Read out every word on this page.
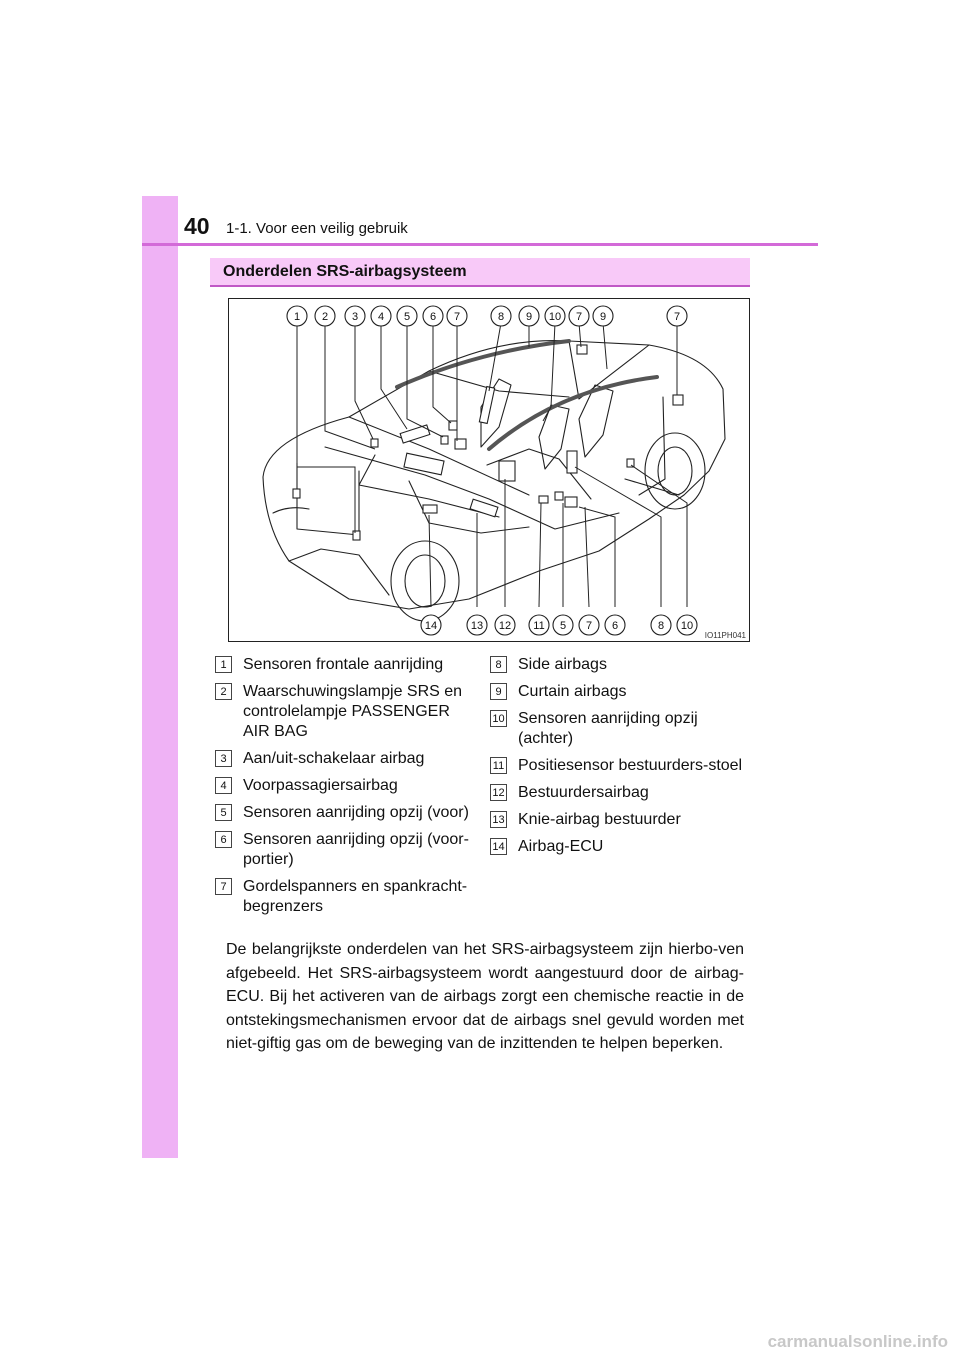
40 1-1. Voor een veilig gebruik
Onderdelen SRS-airbagsysteem
1 2 3 4 5 6 7	8 9 10 7 9	7
14	13 12 11 5 7 6	8 10
IO11PH041
1	Sensoren frontale aanrijding
2	Waarschuwingslampje SRS en controlelampje PASSENGER AIR BAG
3	Aan/uit-schakelaar airbag
4	Voorpassagiersairbag
5	Sensoren aanrijding opzij (voor)
6	Sensoren aanrijding opzij (voor-portier)
7	Gordelspanners en spankracht-begrenzers
8	Side airbags
9	Curtain airbags
10 Sensoren aanrijding opzij (achter)
11 Positiesensor bestuurders-stoel
12 Bestuurdersairbag
13 Knie-airbag bestuurder
14 Airbag-ECU
De belangrijkste onderdelen van het SRS-airbagsysteem zijn hierbo-ven afgebeeld. Het SRS-airbagsysteem wordt aangestuurd door de airbag-ECU. Bij het activeren van de airbags zorgt een chemische reactie in de ontstekingsmechanismen ervoor dat de airbags snel gevuld worden met niet-giftig gas om de beweging van de inzittenden te helpen beperken.
carmanualsonline.info
